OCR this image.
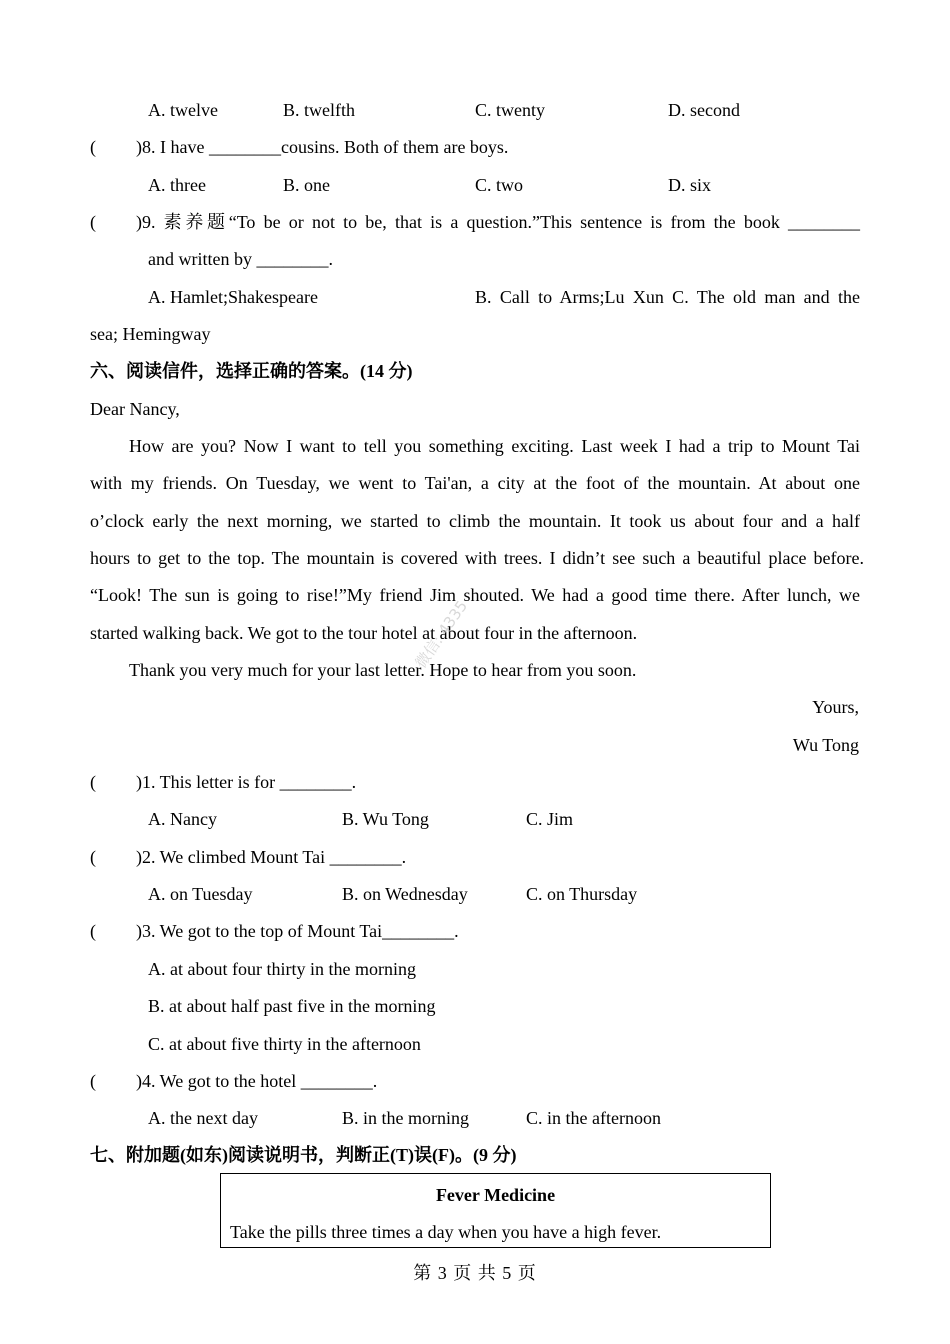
A. twelve	B. twelfth	C. twenty	D. second
( )8. I have ________cousins. Both of them are boys.
A. three	B. one	C. two	D. six
( )9. 素养题“To be or not to be, that is a question.”This sentence is from the book ________
and written by ________.
A. Hamlet;Shakespeare	B. Call to Arms;Lu Xun C. The old man and the
sea; Hemingway
六、阅读信件，选择正确的答案。(14 分)
Dear Nancy,
How are you? Now I want to tell you something exciting. Last week I had a trip to Mount Tai
with my friends. On Tuesday, we went to Tai'an, a city at the foot of the mountain. At about one
o’clock early the next morning, we started to climb the mountain. It took us about four and a half
hours to get to the top. The mountain is covered with trees. I didn’t see such a beautiful place before.
“Look! The sun is going to rise!”My friend Jim shouted. We had a good time there. After lunch, we
started walking back. We got to the tour hotel at about four in the afternoon.
Thank you very much for your last letter. Hope to hear from you soon.
Yours,
Wu Tong
( )1. This letter is for ________.
A. Nancy	B. Wu Tong	C. Jim
( )2. We climbed Mount Tai ________.
A. on Tuesday	B. on Wednesday	C. on Thursday
( )3. We got to the top of Mount Tai________.
A. at about four thirty in the morning
B. at about half past five in the morning
C. at about five thirty in the afternoon
( )4. We got to the hotel ________.
A. the next day	B. in the morning	C. in the afternoon
七、附加题(如东)阅读说明书，判断正(T)误(F)。(9 分)
Fever Medicine
Take the pills three times a day when you have a high fever.
微信: 4335
第 3 页 共 5 页
